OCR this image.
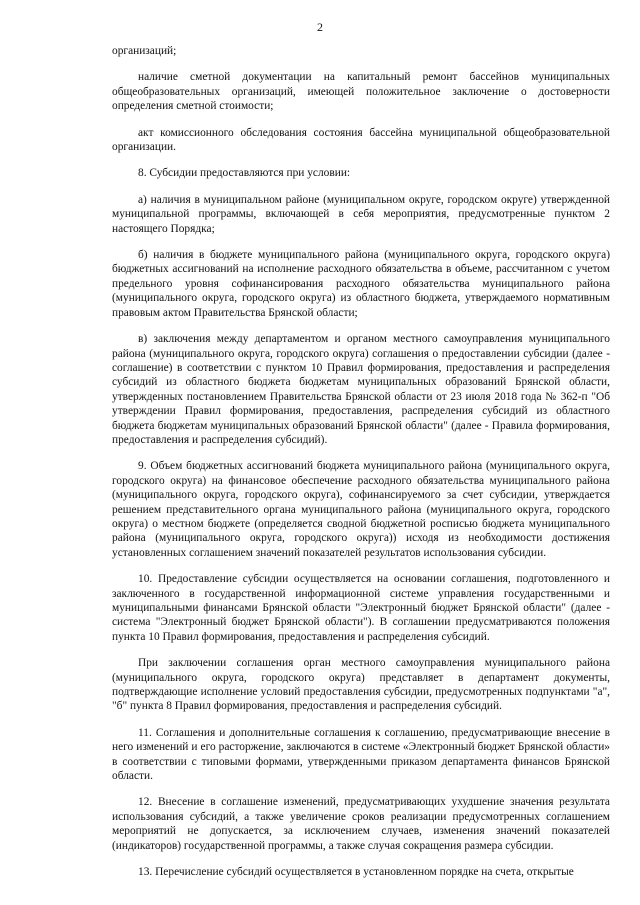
2

организаций;

наличие сметной документации на капитальный ремонт бассейнов муниципальных общеобразовательных организаций, имеющей положительное заключение о достоверности определения сметной стоимости;

акт комиссионного обследования состояния бассейна муниципальной общеобразовательной организации.

8. Субсидии предоставляются при условии:

а) наличия в муниципальном районе (муниципальном округе, городском округе) утвержденной муниципальной программы, включающей в себя мероприятия, предусмотренные пунктом 2 настоящего Порядка;

б) наличия в бюджете муниципального района (муниципального округа, городского округа) бюджетных ассигнований на исполнение расходного обязательства в объеме, рассчитанном с учетом предельного уровня софинансирования расходного обязательства муниципального района (муниципального округа, городского округа) из областного бюджета, утверждаемого нормативным правовым актом Правительства Брянской области;

в) заключения между департаментом и органом местного самоуправления муниципального района (муниципального округа, городского округа) соглашения о предоставлении субсидии (далее - соглашение) в соответствии с пунктом 10 Правил формирования, предоставления и распределения субсидий из областного бюджета бюджетам муниципальных образований Брянской области, утвержденных постановлением Правительства Брянской области от 23 июля 2018 года № 362-п "Об утверждении Правил формирования, предоставления, распределения субсидий из областного бюджета бюджетам муниципальных образований Брянской области" (далее - Правила формирования, предоставления и распределения субсидий).

9. Объем бюджетных ассигнований бюджета муниципального района (муниципального округа, городского округа) на финансовое обеспечение расходного обязательства муниципального района (муниципального округа, городского округа), софинансируемого за счет субсидии, утверждается решением представительного органа муниципального района (муниципального округа, городского округа) о местном бюджете (определяется сводной бюджетной росписью бюджета муниципального района (муниципального округа, городского округа)) исходя из необходимости достижения установленных соглашением значений показателей результатов использования субсидии.

10. Предоставление субсидии осуществляется на основании соглашения, подготовленного и заключенного в государственной информационной системе управления государственными и муниципальными финансами Брянской области "Электронный бюджет Брянской области" (далее - система "Электронный бюджет Брянской области"). В соглашении предусматриваются положения пункта 10 Правил формирования, предоставления и распределения субсидий.

При заключении соглашения орган местного самоуправления муниципального района (муниципального округа, городского округа) представляет в департамент документы, подтверждающие исполнение условий предоставления субсидии, предусмотренных подпунктами "а", "б" пункта 8 Правил формирования, предоставления и распределения субсидий.

11. Соглашения и дополнительные соглашения к соглашению, предусматривающие внесение в него изменений и его расторжение, заключаются в системе «Электронный бюджет Брянской области» в соответствии с типовыми формами, утвержденными приказом департамента финансов Брянской области.

12. Внесение в соглашение изменений, предусматривающих ухудшение значения результата использования субсидий, а также увеличение сроков реализации предусмотренных соглашением мероприятий не допускается, за исключением случаев, изменения значений показателей (индикаторов) государственной программы, а также случая сокращения размера субсидии.

13. Перечисление субсидий осуществляется в установленном порядке на счета, открытые
